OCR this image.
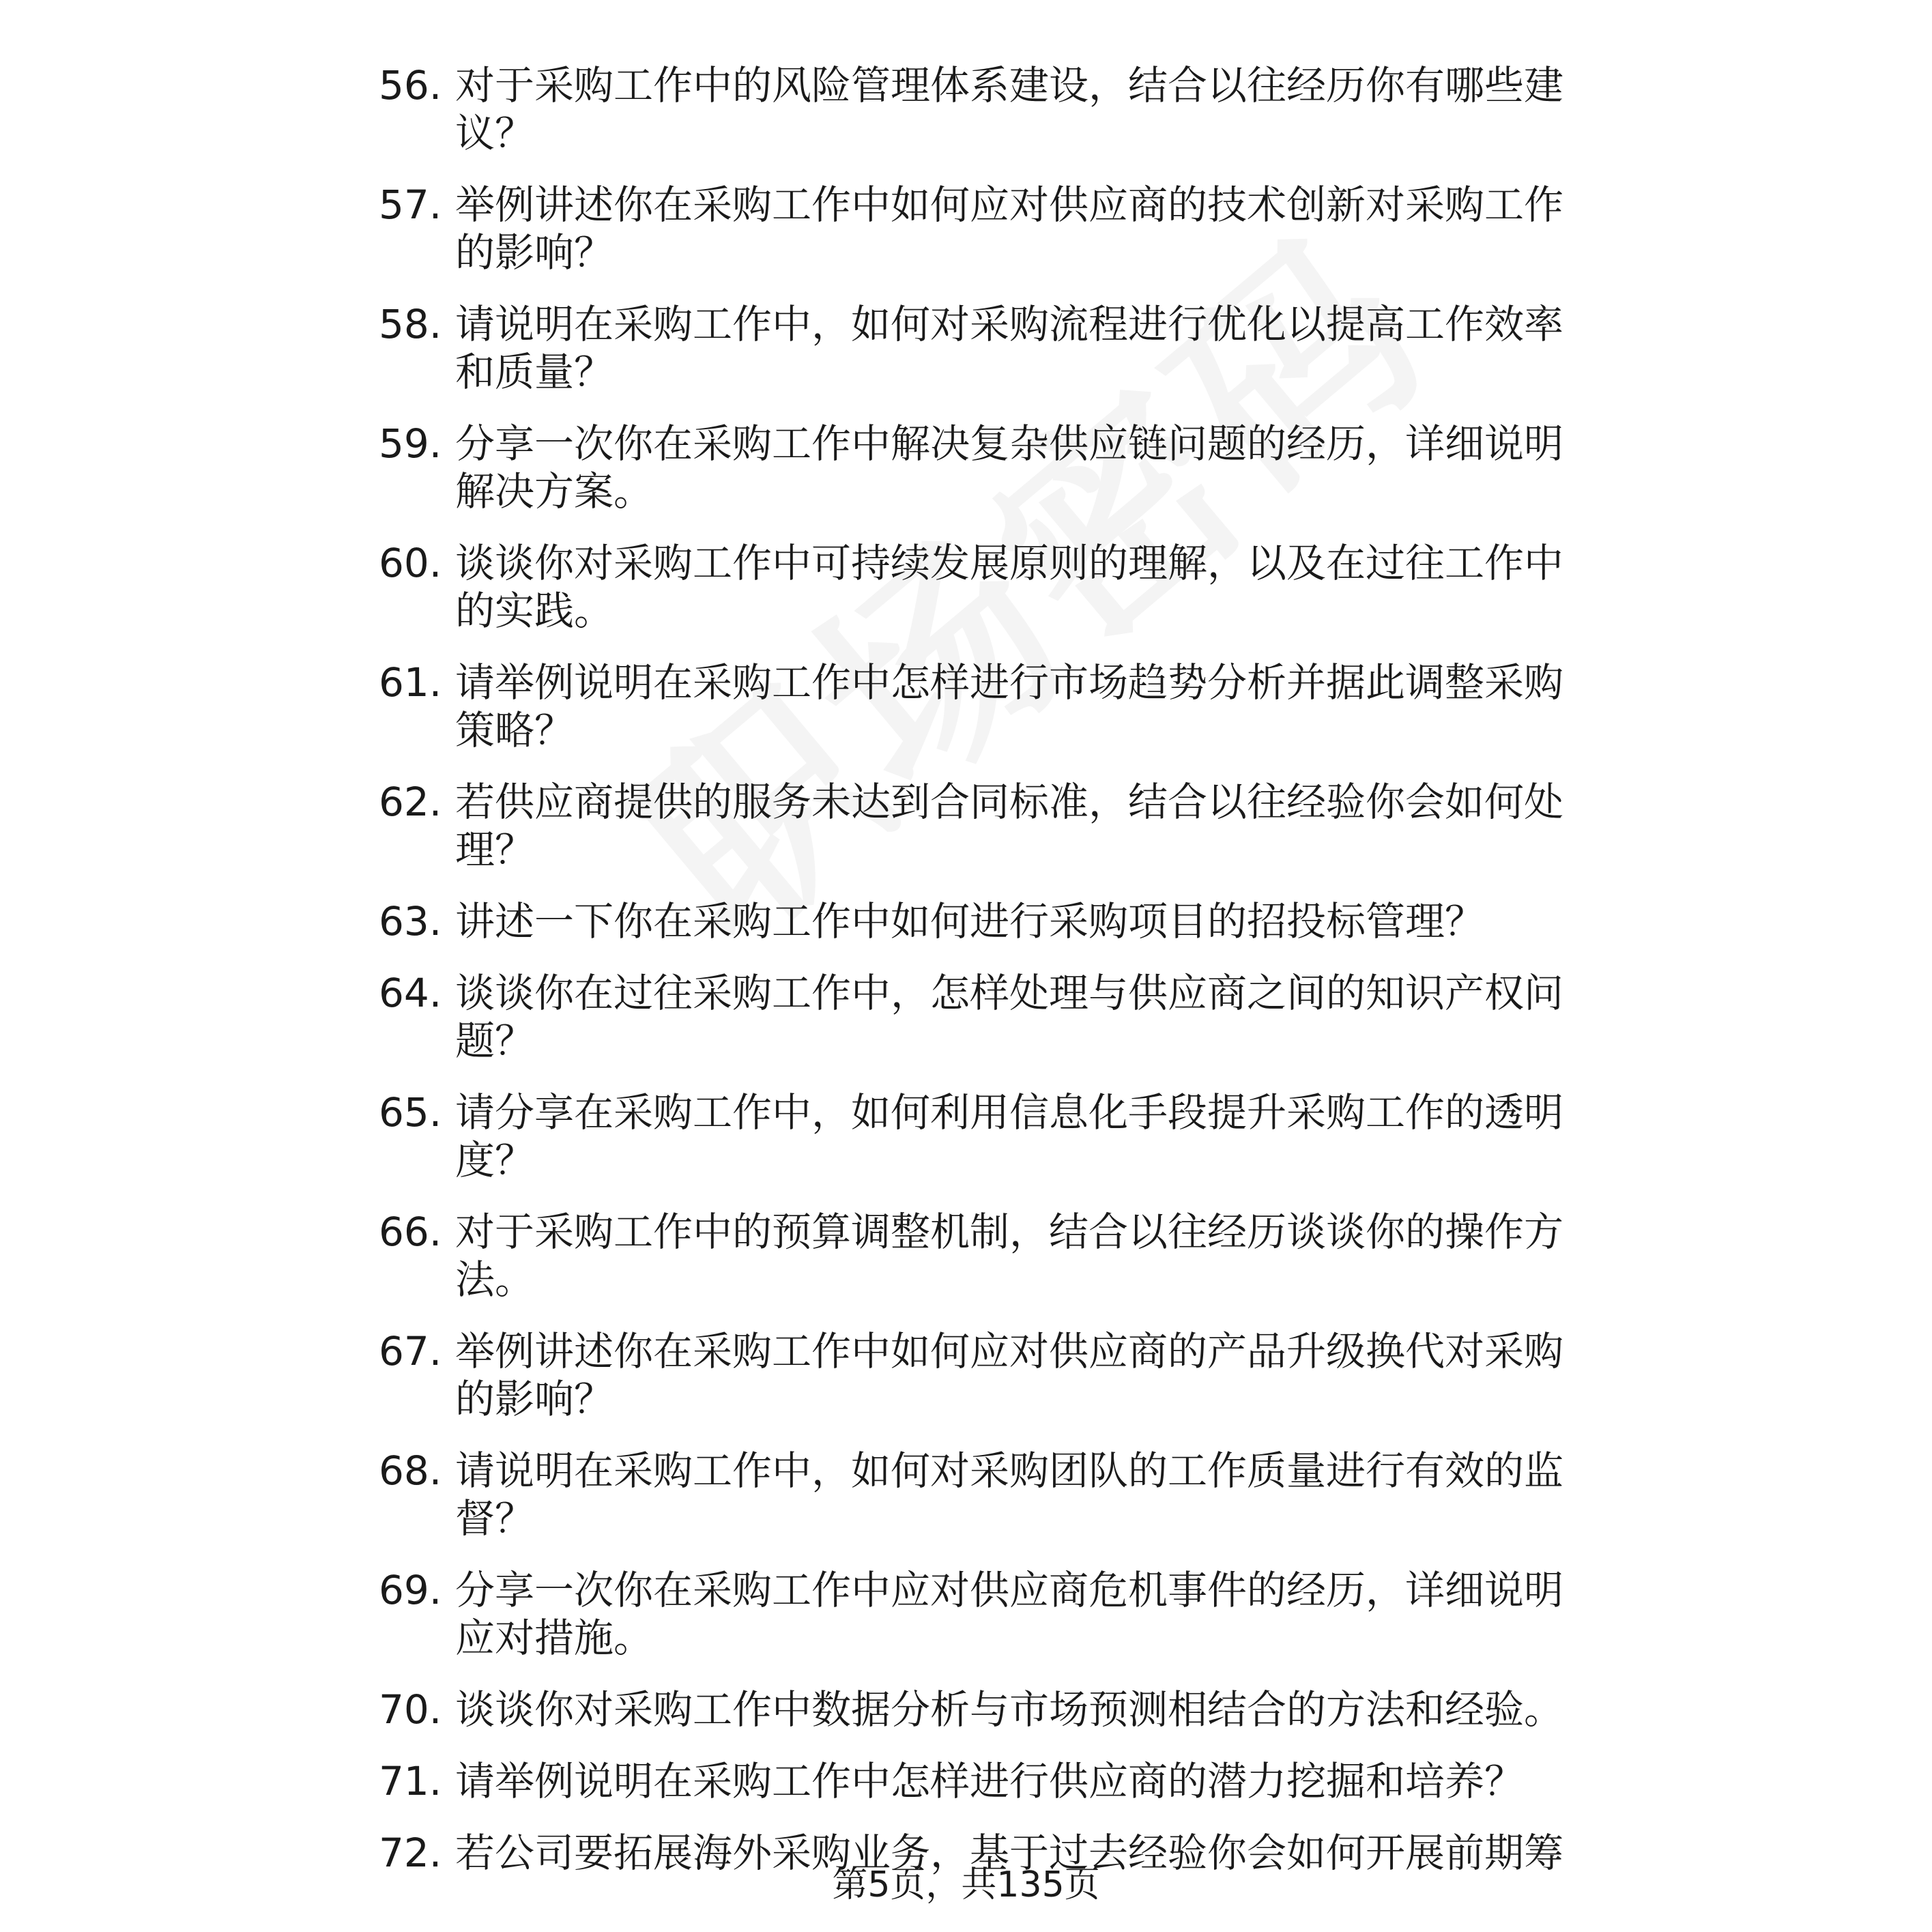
56. 对于采购工作中的风险管理体系建设，结合以往经历你有哪些建议？
57. 举例讲述你在采购工作中如何应对供应商的技术创新对采购工作的影响？
58. 请说明在采购工作中，如何对采购流程进行优化以提高工作效率和质量？
59. 分享一次你在采购工作中解决复杂供应链问题的经历，详细说明解决方案。
60. 谈谈你对采购工作中可持续发展原则的理解，以及在过往工作中的实践。
61. 请举例说明在采购工作中怎样进行市场趋势分析并据此调整采购策略？
62. 若供应商提供的服务未达到合同标准，结合以往经验你会如何处理？
63. 讲述一下你在采购工作中如何进行采购项目的招投标管理？
64. 谈谈你在过往采购工作中，怎样处理与供应商之间的知识产权问题？
65. 请分享在采购工作中，如何利用信息化手段提升采购工作的透明度？
66. 对于采购工作中的预算调整机制，结合以往经历谈谈你的操作方法。
67. 举例讲述你在采购工作中如何应对供应商的产品升级换代对采购的影响？
68. 请说明在采购工作中，如何对采购团队的工作质量进行有效的监督？
69. 分享一次你在采购工作中应对供应商危机事件的经历，详细说明应对措施。
70. 谈谈你对采购工作中数据分析与市场预测相结合的方法和经验。
71. 请举例说明在采购工作中怎样进行供应商的潜力挖掘和培养？
72. 若公司要拓展海外采购业务，基于过去经验你会如何开展前期筹
第5页，共135页
